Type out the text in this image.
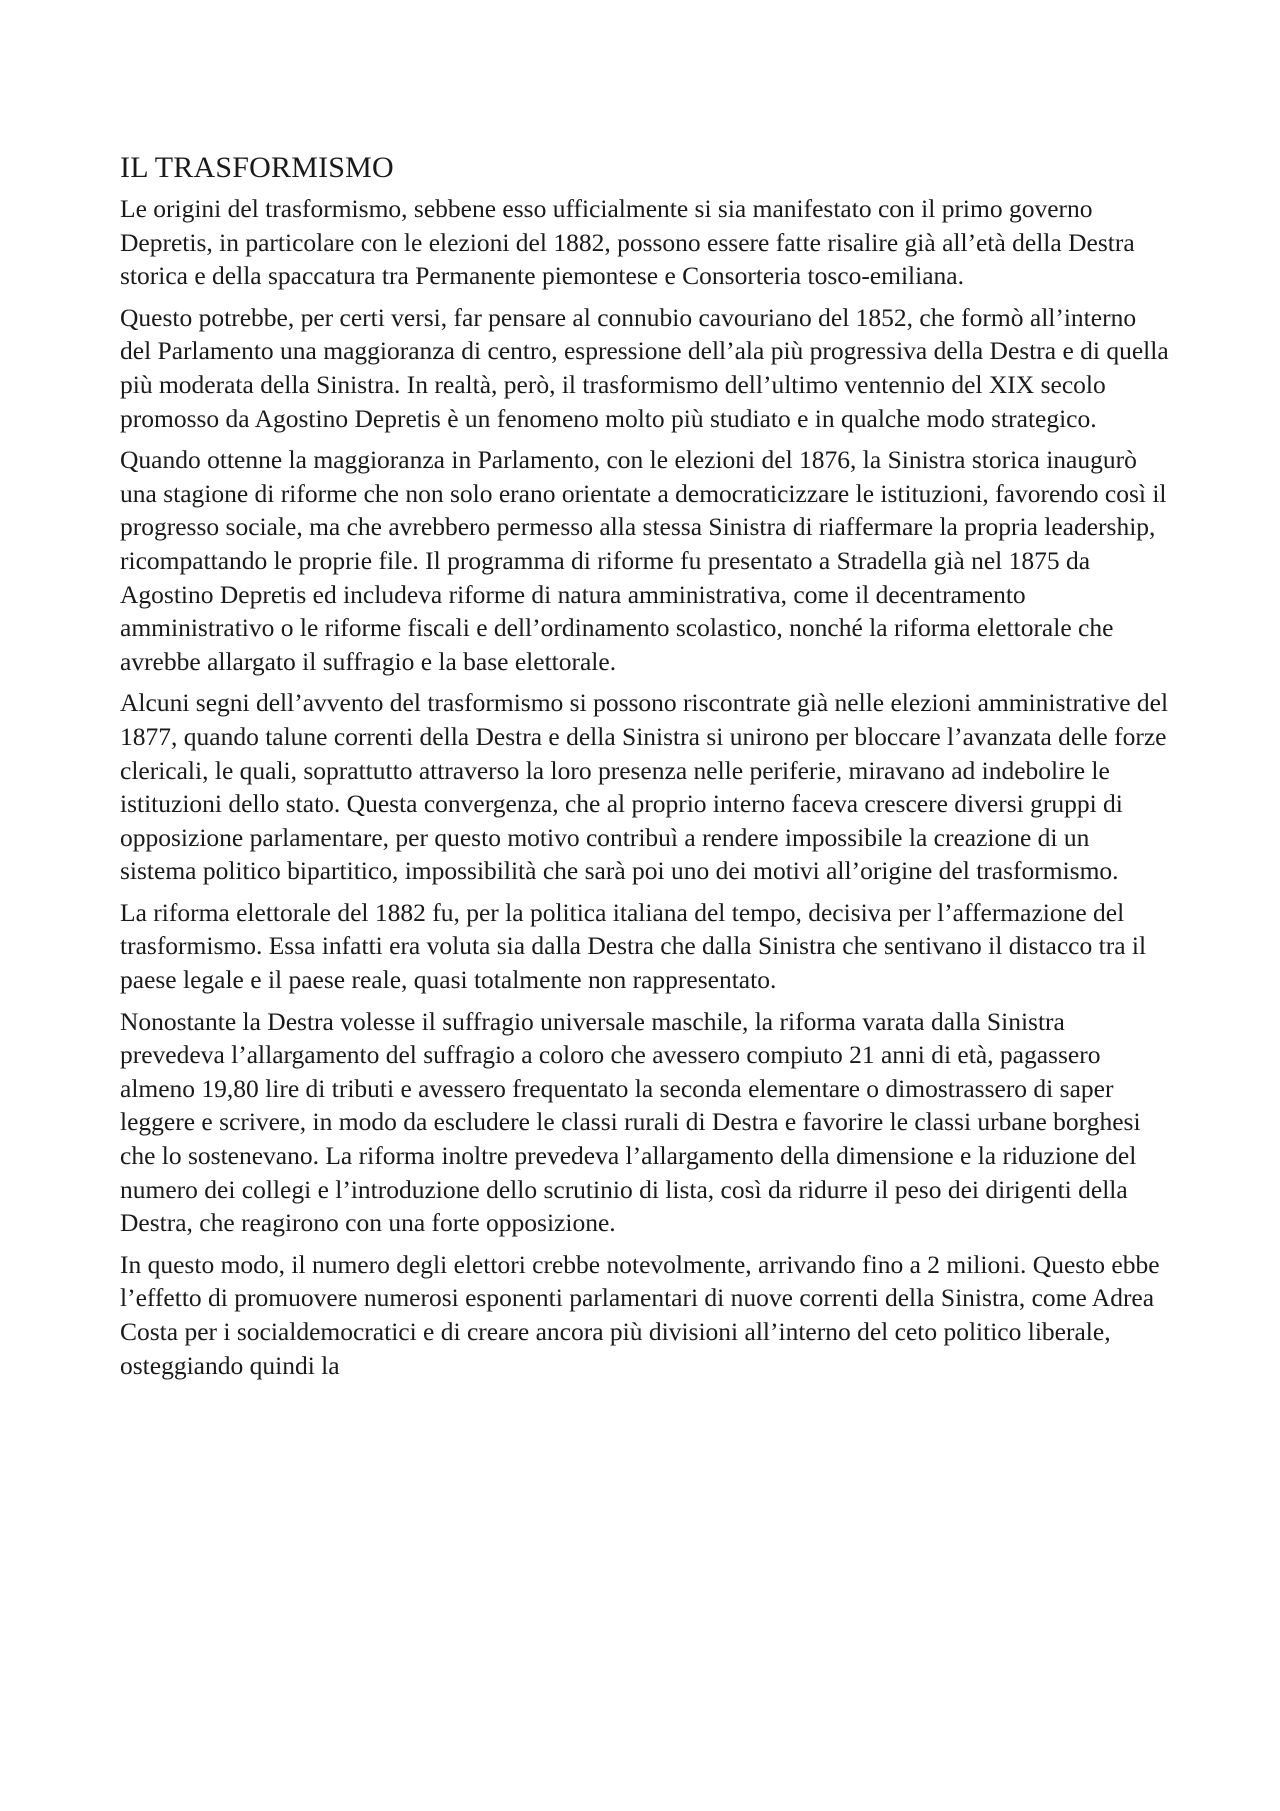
IL TRASFORMISMO

Le origini del trasformismo, sebbene esso ufficialmente si sia manifestato con il primo governo Depretis, in particolare con le elezioni del 1882, possono essere fatte risalire già all’età della Destra storica e della spaccatura tra Permanente piemontese e Consorteria tosco-emiliana.

Questo potrebbe, per certi versi, far pensare al connubio cavouriano del 1852, che formò all’interno del Parlamento una maggioranza di centro, espressione dell’ala più progressiva della Destra e di quella più moderata della Sinistra. In realtà, però, il trasformismo dell’ultimo ventennio del XIX secolo promosso da Agostino Depretis è un fenomeno molto più studiato e in qualche modo strategico.

Quando ottenne la maggioranza in Parlamento, con le elezioni del 1876, la Sinistra storica inaugurò una stagione di riforme che non solo erano orientate a democraticizzare le istituzioni, favorendo così il progresso sociale, ma che avrebbero permesso alla stessa Sinistra di riaffermare la propria leadership, ricompattando le proprie file. Il programma di riforme fu presentato a Stradella già nel 1875 da Agostino Depretis ed includeva riforme di natura amministrativa, come il decentramento amministrativo o le riforme fiscali e dell’ordinamento scolastico, nonché la riforma elettorale che avrebbe allargato il suffragio e la base elettorale.

Alcuni segni dell’avvento del trasformismo si possono riscontrate già nelle elezioni amministrative del 1877, quando talune correnti della Destra e della Sinistra si unirono per bloccare l’avanzata delle forze clericali, le quali, soprattutto attraverso la loro presenza nelle periferie, miravano ad indebolire le istituzioni dello stato. Questa convergenza, che al proprio interno faceva crescere diversi gruppi di opposizione parlamentare, per questo motivo contribuì a rendere impossibile la creazione di un sistema politico bipartitico, impossibilità che sarà poi uno dei motivi all’origine del trasformismo.

La riforma elettorale del 1882 fu, per la politica italiana del tempo, decisiva per l’affermazione del trasformismo. Essa infatti era voluta sia dalla Destra che dalla Sinistra che sentivano il distacco tra il paese legale e il paese reale, quasi totalmente non rappresentato.

Nonostante la Destra volesse il suffragio universale maschile, la riforma varata dalla Sinistra prevedeva l’allargamento del suffragio a coloro che avessero compiuto 21 anni di età, pagassero almeno 19,80 lire di tributi e avessero frequentato la seconda elementare o dimostrassero di saper leggere e scrivere, in modo da escludere le classi rurali di Destra e favorire le classi urbane borghesi che lo sostenevano. La riforma inoltre prevedeva l’allargamento della dimensione e la riduzione del numero dei collegi e l’introduzione dello scrutinio di lista, così da ridurre il peso dei dirigenti della Destra, che reagirono con una forte opposizione.

In questo modo, il numero degli elettori crebbe notevolmente, arrivando fino a 2 milioni. Questo ebbe l’effetto di promuovere numerosi esponenti parlamentari di nuove correnti della Sinistra, come Adrea Costa per i socialdemocratici e di creare ancora più divisioni all’interno del ceto politico liberale, osteggiando quindi la
